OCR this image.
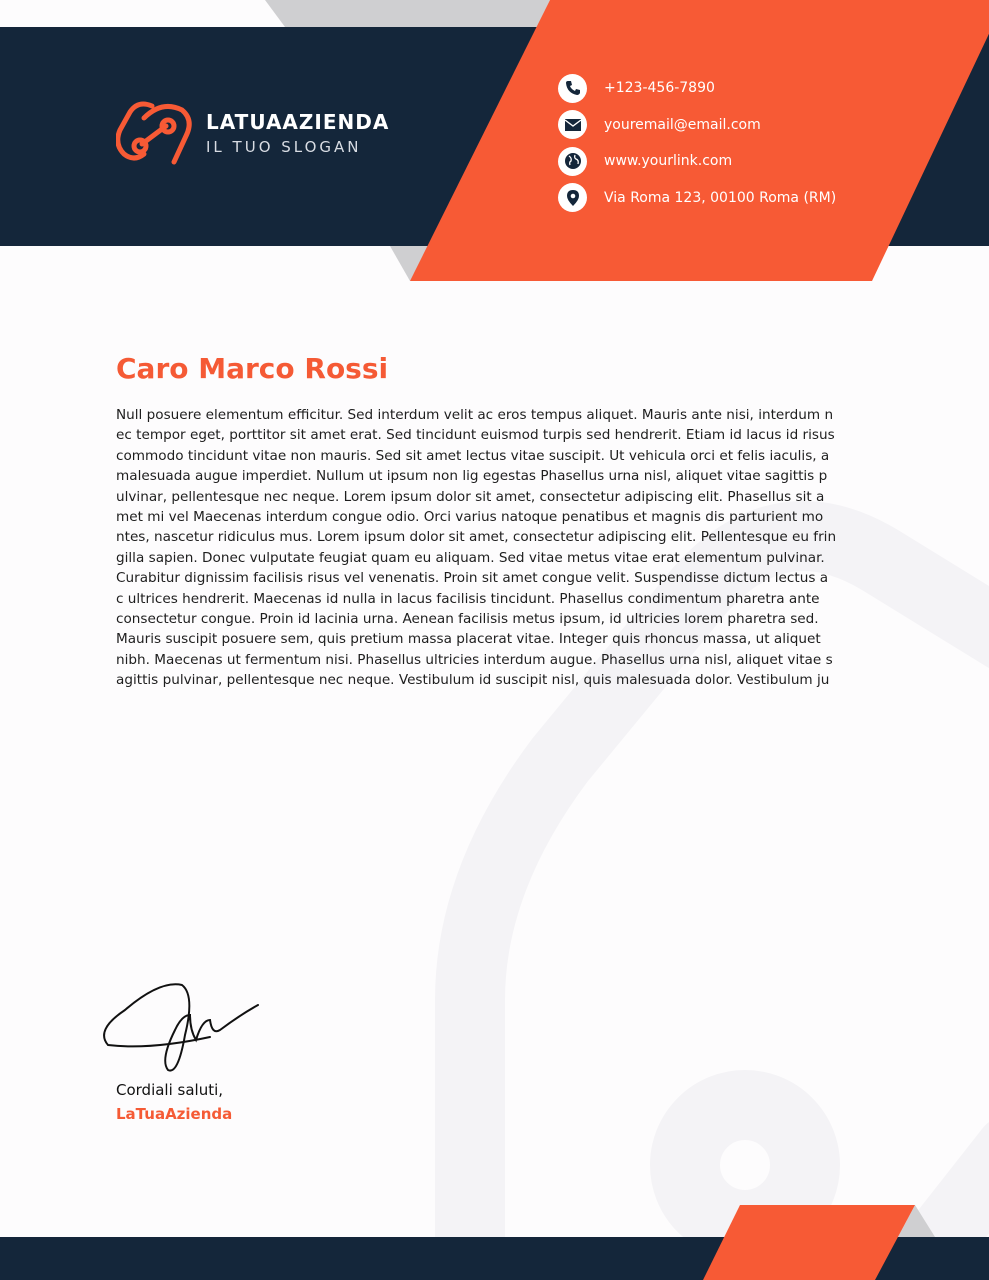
LATUAAZIENDA
IL TUO SLOGAN
+123-456-7890
youremail@email.com
www.yourlink.com
Via Roma 123, 00100 Roma (RM)
Caro Marco Rossi
Null posuere elementum efficitur. Sed interdum velit ac eros tempus aliquet. Mauris ante nisi, interdum n
ec tempor eget, porttitor sit amet erat. Sed tincidunt euismod turpis sed hendrerit. Etiam id lacus id risus
commodo tincidunt vitae non mauris. Sed sit amet lectus vitae suscipit. Ut vehicula orci et felis iaculis, a
malesuada augue imperdiet. Nullum ut ipsum non lig egestas Phasellus urna nisl, aliquet vitae sagittis p
ulvinar, pellentesque nec neque. Lorem ipsum dolor sit amet, consectetur adipiscing elit. Phasellus sit a
met mi vel Maecenas interdum congue odio. Orci varius natoque penatibus et magnis dis parturient mo
ntes, nascetur ridiculus mus. Lorem ipsum dolor sit amet, consectetur adipiscing elit. Pellentesque eu frin
gilla sapien. Donec vulputate feugiat quam eu aliquam. Sed vitae metus vitae erat elementum pulvinar.
Curabitur dignissim facilisis risus vel venenatis. Proin sit amet congue velit. Suspendisse dictum lectus a
c ultrices hendrerit. Maecenas id nulla in lacus facilisis tincidunt. Phasellus condimentum pharetra ante
consectetur congue. Proin id lacinia urna. Aenean facilisis metus ipsum, id ultricies lorem pharetra sed.
Mauris suscipit posuere sem, quis pretium massa placerat vitae. Integer quis rhoncus massa, ut aliquet
nibh. Maecenas ut fermentum nisi. Phasellus ultricies interdum augue. Phasellus urna nisl, aliquet vitae s
agittis pulvinar, pellentesque nec neque. Vestibulum id suscipit nisl, quis malesuada dolor. Vestibulum ju
Cordiali saluti,
LaTuaAzienda
